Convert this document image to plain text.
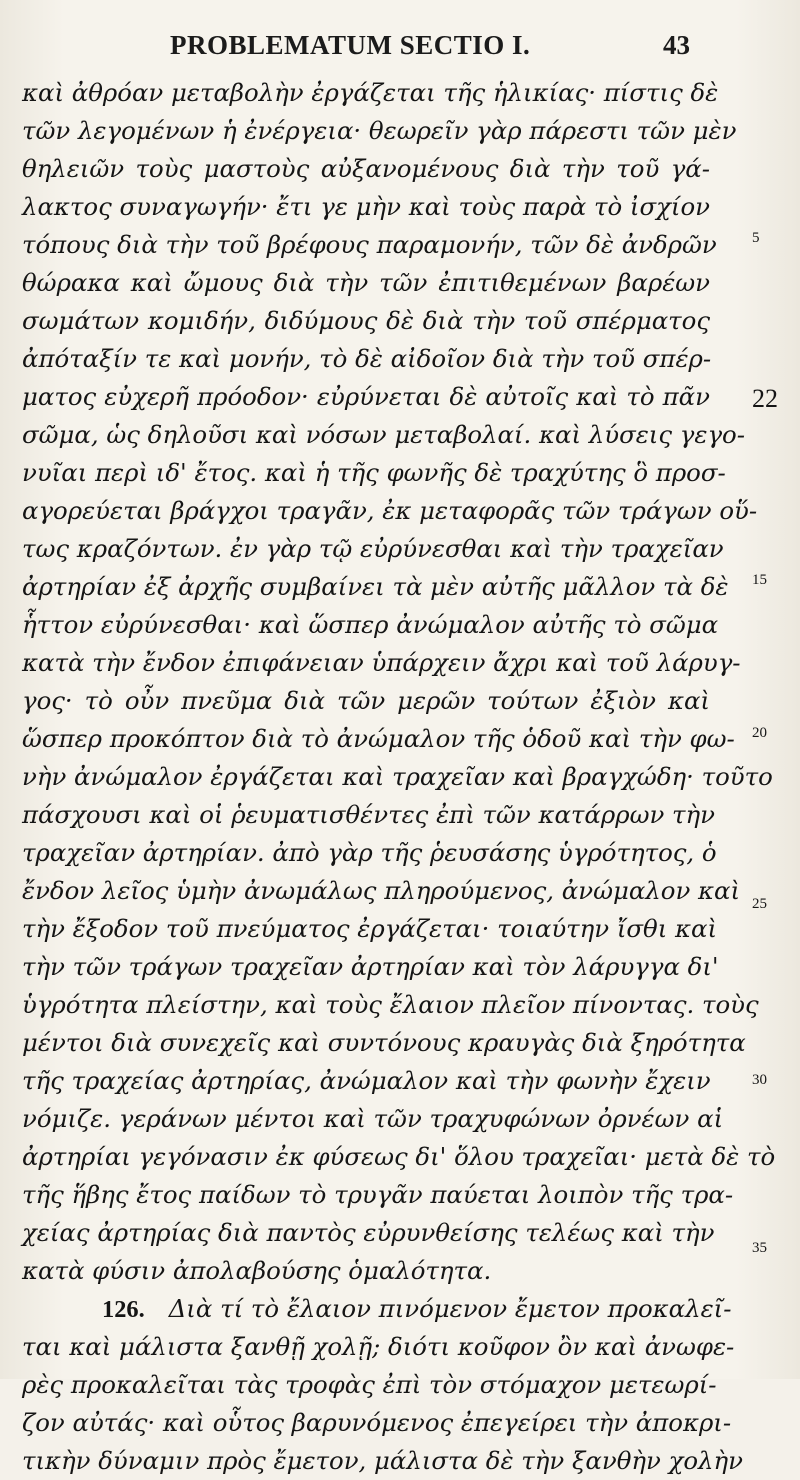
PROBLEMATUM SECTIO I.	43
καὶ ἀθρόαν μεταβολὴν ἐργάζεται τῆς ἡλικίας· πίστις δὲ
τῶν λεγομένων ἡ ἐνέργεια· θεωρεῖν γὰρ πάρεστι τῶν μὲν
θηλειῶν τοὺς μαστοὺς αὐξανομένους διὰ τὴν τοῦ γά-
λακτος συναγωγήν· ἔτι γε μὴν καὶ τοὺς παρὰ τὸ ἰσχίον
τόπους διὰ τὴν τοῦ βρέφους παραμονήν, τῶν δὲ ἀνδρῶν
θώρακα καὶ ὤμους διὰ τὴν τῶν ἐπιτιθεμένων βαρέων
σωμάτων κομιδήν, διδύμους δὲ διὰ τὴν τοῦ σπέρματος
ἀπόταξίν τε καὶ μονήν, τὸ δὲ αἰδοῖον διὰ τὴν τοῦ σπέρ-
ματος εὐχερῆ πρόοδον· εὐρύνεται δὲ αὐτοῖς καὶ τὸ πᾶν
σῶμα, ὡς δηλοῦσι καὶ νόσων μεταβολαί. καὶ λύσεις γεγο-
νυῖαι περὶ ιδ' ἔτος. καὶ ἡ τῆς φωνῆς δὲ τραχύτης ὃ προσ-
αγορεύεται βράγχοι τραγᾶν, ἐκ μεταφορᾶς τῶν τράγων οὕ-
τως κραζόντων. ἐν γὰρ τῷ εὐρύνεσθαι καὶ τὴν τραχεῖαν
ἀρτηρίαν ἐξ ἀρχῆς συμβαίνει τὰ μὲν αὐτῆς μᾶλλον τὰ δὲ
ἧττον εὐρύνεσθαι· καὶ ὥσπερ ἀνώμαλον αὐτῆς τὸ σῶμα
κατὰ τὴν ἔνδον ἐπιφάνειαν ὑπάρχειν ἄχρι καὶ τοῦ λάρυγ-
γος· τὸ οὖν πνεῦμα διὰ τῶν μερῶν τούτων ἐξιὸν καὶ
ὥσπερ προκόπτον διὰ τὸ ἀνώμαλον τῆς ὁδοῦ καὶ τὴν φω-
νὴν ἀνώμαλον ἐργάζεται καὶ τραχεῖαν καὶ βραγχώδη· τοῦτο
πάσχουσι καὶ οἱ ῥευματισθέντες ἐπὶ τῶν κατάρρων τὴν
τραχεῖαν ἀρτηρίαν. ἀπὸ γὰρ τῆς ῥευσάσης ὑγρότητος, ὁ
ἔνδον λεῖος ὑμὴν ἀνωμάλως πληρούμενος, ἀνώμαλον καὶ
τὴν ἔξοδον τοῦ πνεύματος ἐργάζεται· τοιαύτην ἴσθι καὶ
τὴν τῶν τράγων τραχεῖαν ἀρτηρίαν καὶ τὸν λάρυγγα δι'
ὑγρότητα πλείστην, καὶ τοὺς ἔλαιον πλεῖον πίνοντας. τοὺς
μέντοι διὰ συνεχεῖς καὶ συντόνους κραυγὰς διὰ ξηρότητα
τῆς τραχείας ἀρτηρίας, ἀνώμαλον καὶ τὴν φωνὴν ἔχειν
νόμιζε. γεράνων μέντοι καὶ τῶν τραχυφώνων ὀρνέων αἱ
ἀρτηρίαι γεγόνασιν ἐκ φύσεως δι' ὅλου τραχεῖαι· μετὰ δὲ τὸ
τῆς ἥβης ἔτος παίδων τὸ τρυγᾶν παύεται λοιπὸν τῆς τρα-
χείας ἀρτηρίας διὰ παντὸς εὐρυνθείσης τελέως καὶ τὴν
κατὰ φύσιν ἀπολαβούσης ὁμαλότητα.
126. Διὰ τί τὸ ἔλαιον πινόμενον ἔμετον προκαλεῖ-
ται καὶ μάλιστα ξανθῇ χολῇ; διότι κοῦφον ὂν καὶ ἀνωφε-
ρὲς προκαλεῖται τὰς τροφὰς ἐπὶ τὸν στόμαχον μετεωρί-
ζον αὐτάς· καὶ οὗτος βαρυνόμενος ἐπεγείρει τὴν ἀποκρι-
τικὴν δύναμιν πρὸς ἔμετον, μάλιστα δὲ τὴν ξανθὴν χολὴν
5
15
20
25
30
35
22
